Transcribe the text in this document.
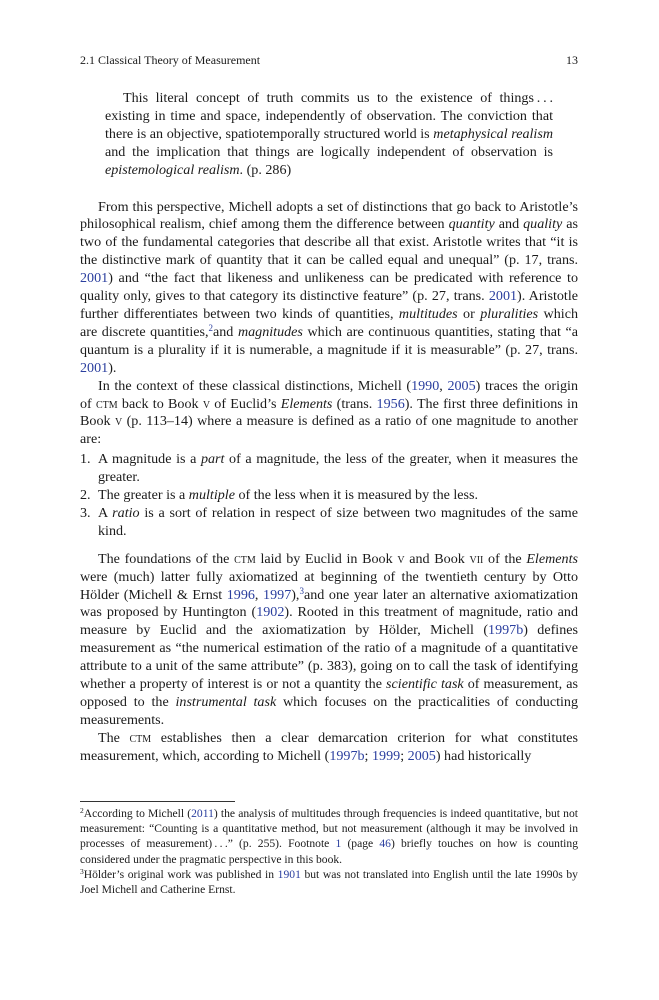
2.1 Classical Theory of Measurement	13

This literal concept of truth commits us to the existence of things . . . existing in time and space, independently of observation. The conviction that there is an objective, spatiotemporally structured world is metaphysical realism and the implication that things are logically independent of observation is epistemological realism. (p. 286)

From this perspective, Michell adopts a set of distinctions that go back to Aristotle’s philosophical realism, chief among them the difference between quantity and quality as two of the fundamental categories that describe all that exist. Aristotle writes that “it is the distinctive mark of quantity that it can be called equal and unequal” (p. 17, trans. 2001) and “the fact that likeness and unlikeness can be predicated with reference to quality only, gives to that category its distinctive feature” (p. 27, trans. 2001). Aristotle further differentiates between two kinds of quantities, multitudes or pluralities which are discrete quantities,$^2$and magnitudes which are continuous quantities, stating that “a quantum is a plurality if it is numerable, a magnitude if it is measurable” (p. 27, trans. 2001).

In the context of these classical distinctions, Michell (1990, 2005) traces the origin of ctm back to Book v of Euclid’s Elements (trans. 1956). The first three definitions in Book v (p. 113–14) where a measure is defined as a ratio of one magnitude to another are:

1. A magnitude is a part of a magnitude, the less of the greater, when it measures the greater.
2. The greater is a multiple of the less when it is measured by the less.
3. A ratio is a sort of relation in respect of size between two magnitudes of the same kind.

The foundations of the ctm laid by Euclid in Book v and Book vii of the Elements were (much) latter fully axiomatized at beginning of the twentieth century by Otto Hölder (Michell & Ernst 1996, 1997),$^3$and one year later an alternative axiomatization was proposed by Huntington (1902). Rooted in this treatment of magnitude, ratio and measure by Euclid and the axiomatization by Hölder, Michell (1997b) defines measurement as “the numerical estimation of the ratio of a magnitude of a quantitative attribute to a unit of the same attribute” (p. 383), going on to call the task of identifying whether a property of interest is or not a quantity the scientific task of measurement, as opposed to the instrumental task which focuses on the practicalities of conducting measurements.

The ctm establishes then a clear demarcation criterion for what constitutes measurement, which, according to Michell (1997b; 1999; 2005) had historically

$^2$According to Michell (2011) the analysis of multitudes through frequencies is indeed quantitative, but not measurement: “Counting is a quantitative method, but not measurement (although it may be involved in processes of measurement) . . .” (p. 255). Footnote 1 (page 46) briefly touches on how is counting considered under the pragmatic perspective in this book.

$^3$Hölder’s original work was published in 1901 but was not translated into English until the late 1990s by Joel Michell and Catherine Ernst.
